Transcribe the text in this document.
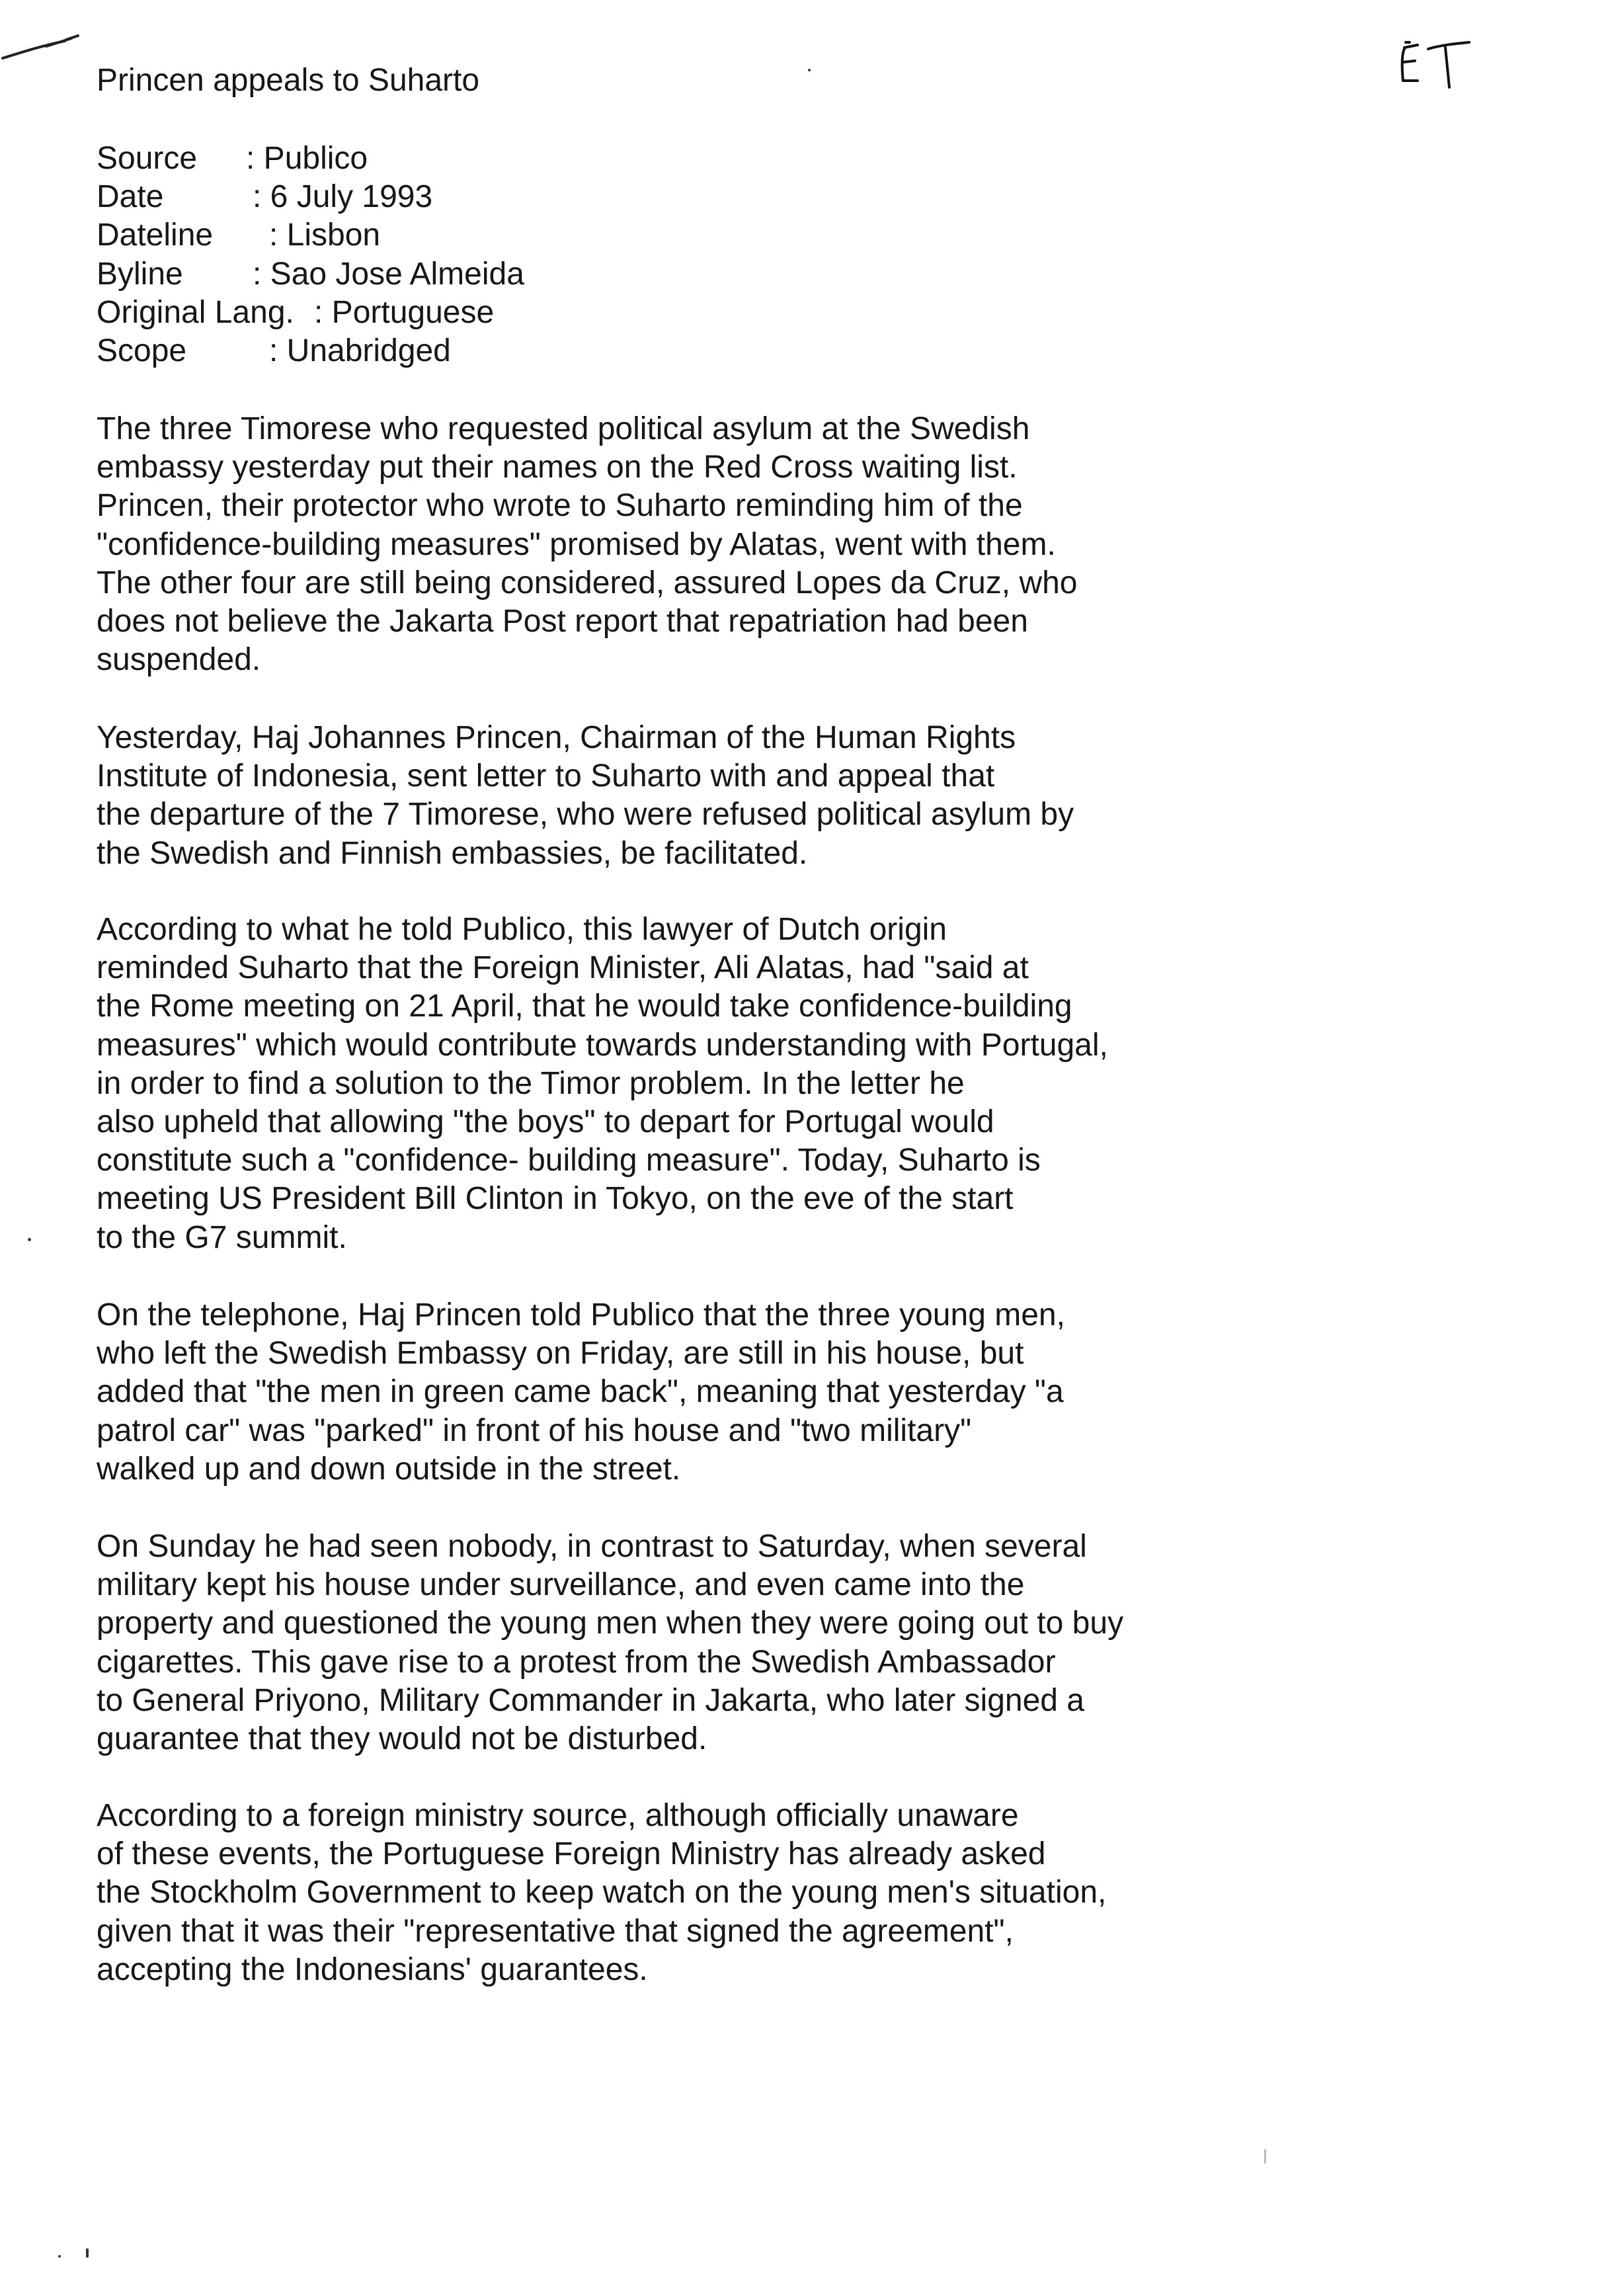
Princen appeals to Suharto
Source : Publico
Date	: 6 July 1993
Dateline : Lisbon
Byline : Sao Jose Almeida
Original Lang. : Portuguese
Scope	: Unabridged
The three Timorese who requested political asylum at the Swedish
embassy yesterday put their names on the Red Cross waiting list.
Princen, their protector who wrote to Suharto reminding him of the
"confidence-building measures" promised by Alatas, went with them.
The other four are still being considered, assured Lopes da Cruz, who
does not believe the Jakarta Post report that repatriation had been
suspended.
Yesterday, Haj Johannes Princen, Chairman of the Human Rights
Institute of Indonesia, sent letter to Suharto with and appeal that
the departure of the 7 Timorese, who were refused political asylum by
the Swedish and Finnish embassies, be facilitated.
According to what he told Publico, this lawyer of Dutch origin
reminded Suharto that the Foreign Minister, Ali Alatas, had "said at
the Rome meeting on 21 April, that he would take confidence-building
measures" which would contribute towards understanding with Portugal,
in order to find a solution to the Timor problem. In the letter he
also upheld that allowing "the boys" to depart for Portugal would
constitute such a "confidence- building measure". Today, Suharto is
meeting US President Bill Clinton in Tokyo, on the eve of the start
to the G7 summit.
On the telephone, Haj Princen told Publico that the three young men,
who left the Swedish Embassy on Friday, are still in his house, but
added that "the men in green came back", meaning that yesterday "a
patrol car" was "parked" in front of his house and "two military"
walked up and down outside in the street.
On Sunday he had seen nobody, in contrast to Saturday, when several
military kept his house under surveillance, and even came into the
property and questioned the young men when they were going out to buy
cigarettes. This gave rise to a protest from the Swedish Ambassador
to General Priyono, Military Commander in Jakarta, who later signed a
guarantee that they would not be disturbed.
According to a foreign ministry source, although officially unaware
of these events, the Portuguese Foreign Ministry has already asked
the Stockholm Government to keep watch on the young men's situation,
given that it was their "representative that signed the agreement",
accepting the Indonesians' guarantees.
